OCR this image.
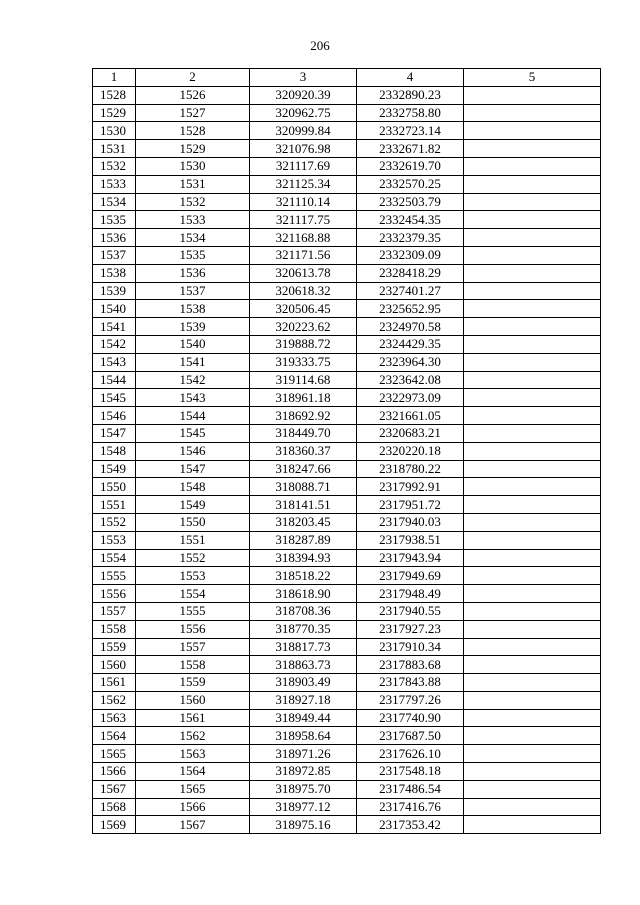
206
1	2	3	4	5
1528	1526	320920.39	2332890.23	
1529	1527	320962.75	2332758.80	
1530	1528	320999.84	2332723.14	
1531	1529	321076.98	2332671.82	
1532	1530	321117.69	2332619.70	
1533	1531	321125.34	2332570.25	
1534	1532	321110.14	2332503.79	
1535	1533	321117.75	2332454.35	
1536	1534	321168.88	2332379.35	
1537	1535	321171.56	2332309.09	
1538	1536	320613.78	2328418.29	
1539	1537	320618.32	2327401.27	
1540	1538	320506.45	2325652.95	
1541	1539	320223.62	2324970.58	
1542	1540	319888.72	2324429.35	
1543	1541	319333.75	2323964.30	
1544	1542	319114.68	2323642.08	
1545	1543	318961.18	2322973.09	
1546	1544	318692.92	2321661.05	
1547	1545	318449.70	2320683.21	
1548	1546	318360.37	2320220.18	
1549	1547	318247.66	2318780.22	
1550	1548	318088.71	2317992.91	
1551	1549	318141.51	2317951.72	
1552	1550	318203.45	2317940.03	
1553	1551	318287.89	2317938.51	
1554	1552	318394.93	2317943.94	
1555	1553	318518.22	2317949.69	
1556	1554	318618.90	2317948.49	
1557	1555	318708.36	2317940.55	
1558	1556	318770.35	2317927.23	
1559	1557	318817.73	2317910.34	
1560	1558	318863.73	2317883.68	
1561	1559	318903.49	2317843.88	
1562	1560	318927.18	2317797.26	
1563	1561	318949.44	2317740.90	
1564	1562	318958.64	2317687.50	
1565	1563	318971.26	2317626.10	
1566	1564	318972.85	2317548.18	
1567	1565	318975.70	2317486.54	
1568	1566	318977.12	2317416.76	
1569	1567	318975.16	2317353.42	
